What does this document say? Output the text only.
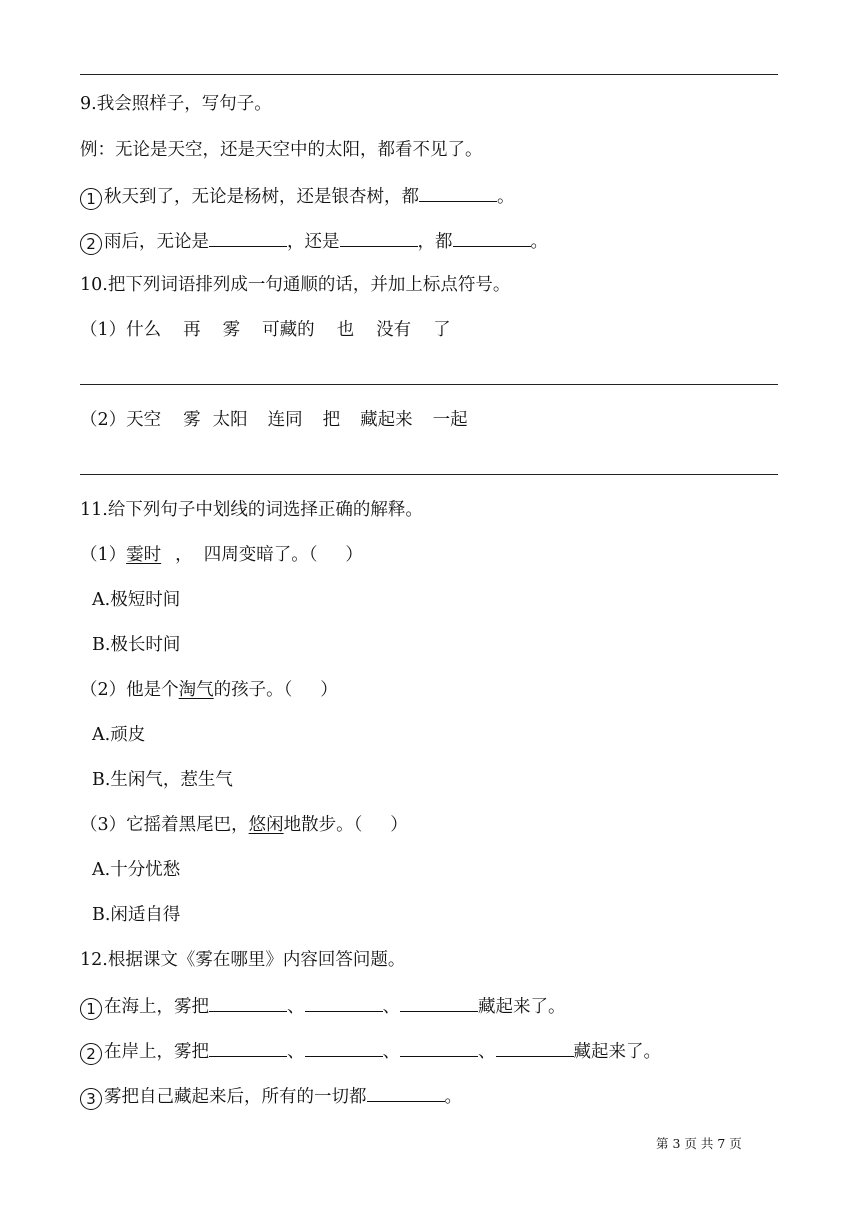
9.我会照样子，写句子。
例：无论是天空，还是天空中的太阳，都看不见了。
1 秋天到了，无论是杨树，还是银杏树，都	。
2 雨后，无论是	，还是	，都	。
10.把下列词语排列成一句通顺的话，并加上标点符号。
（1）什么 再 雾 可藏的 也 没有 了
（2）天空 雾 太阳 连同 把 藏起来 一起
11.给下列句子中划线的词选择正确的解释。
（1）霎时 ，  四周变暗了。（     ）
A.极短时间
B.极长时间
（2）他是个淘气的孩子。（     ）
A.顽皮
B.生闲气，惹生气
（3）它摇着黑尾巴，悠闲地散步。（     ）
A.十分忧愁
B.闲适自得
12.根据课文《雾在哪里》内容回答问题。
1 在海上，雾把	、	、	藏起来了。
2 在岸上，雾把	、	、	、	藏起来了。
3 雾把自己藏起来后，所有的一切都	。
第 3 页 共 7 页
